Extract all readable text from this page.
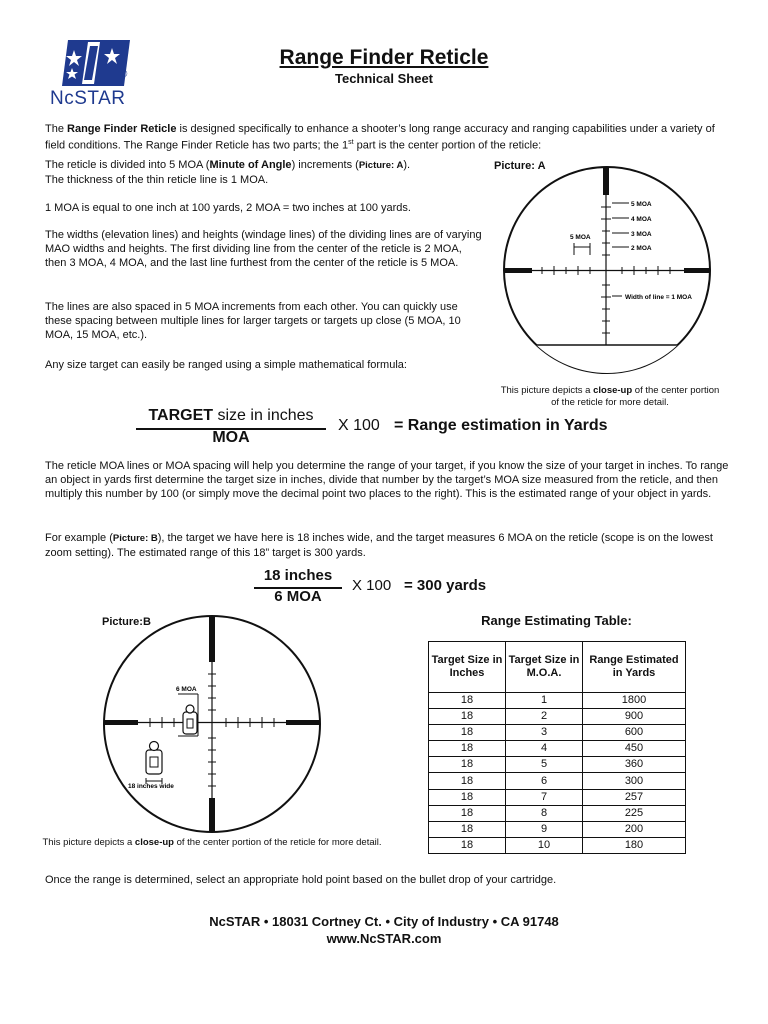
®
NcSTAR
Range Finder Reticle
Technical Sheet
The Range Finder Reticle is designed specifically to enhance a shooter’s long range accuracy and ranging capabilities under a variety of field conditions. The Range Finder Reticle has two parts; the 1st part is the center portion of the reticle:
The reticle is divided into 5 MOA (Minute of Angle) increments (Picture: A).
The thickness of the thin reticle line is 1 MOA.
1 MOA is equal to one inch at 100 yards, 2 MOA = two inches at 100 yards.
The widths (elevation lines) and heights (windage lines) of the dividing lines are of varying MAO widths and heights. The first dividing line from the center of the reticle is 2 MOA, then 3 MOA, 4 MOA, and the last line furthest from the center of the reticle is 5 MOA.
The lines are also spaced in 5 MOA increments from each other. You can quickly use these spacing between multiple lines for larger targets or targets up close (5 MOA, 10 MOA, 15 MOA, etc.).
Any size target can easily be ranged using a simple mathematical formula:
Picture: A
5 MOA
4 MOA
3 MOA
2 MOA
5 MOA
Width of line = 1 MOA
This picture depicts a close-up of the center portion of the reticle for more detail.
TARGET size in inches
MOA
X 100 = Range estimation in Yards
The reticle MOA lines or MOA spacing will help you determine the range of your target, if you know the size of your target in inches. To range an object in yards first determine the target size in inches, divide that number by the target’s MOA size measured from the reticle, and then multiply this number by 100 (or simply move the decimal point two places to the right). This is the estimated range of your object in yards.
For example (Picture: B), the target we have here is 18 inches wide, and the target measures 6 MOA on the reticle (scope is on the lowest zoom setting). The estimated range of this 18” target is 300 yards.
18 inches
6 MOA
X 100 = 300 yards
Picture:B
6 MOA
18 inches wide
This picture depicts a close-up of the center portion of the reticle for more detail.
Range Estimating Table:
Target Size in Inches	Target Size in M.O.A.	Range Estimated in Yards
18	1	1800
18	2	900
18	3	600
18	4	450
18	5	360
18	6	300
18	7	257
18	8	225
18	9	200
18	10	180
Once the range is determined, select an appropriate hold point based on the bullet drop of your cartridge.
NcSTAR • 18031 Cortney Ct. • City of Industry • CA 91748
www.NcSTAR.com
